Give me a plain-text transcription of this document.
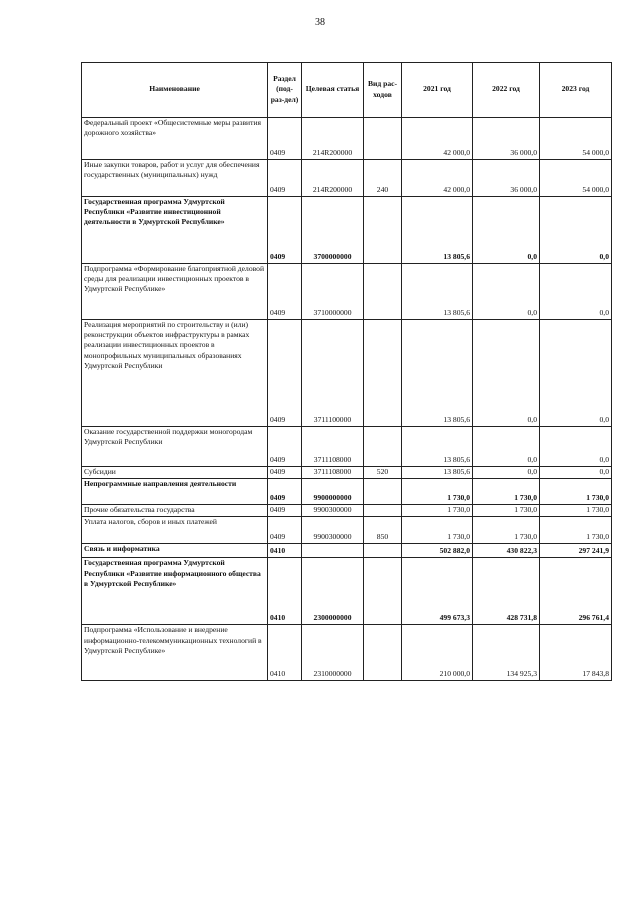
38
Наименование	Раздел (под-раз-дел)	Целевая статья	Вид рас-ходов	2021 год	2022 год	2023 год
Федеральный проект «Общесистемные меры развития дорожного хозяйства»	0409	214R200000		42 000,0	36 000,0	54 000,0
Иные закупки товаров, работ и услуг для обеспечения государственных (муниципальных) нужд	0409	214R200000	240	42 000,0	36 000,0	54 000,0
Государственная программа Удмуртской Республики «Развитие инвестиционной деятельности в Удмуртской Республике»	0409	3700000000		13 805,6	0,0	0,0
Подпрограмма «Формирование благоприятной деловой среды для реализации инвестиционных проектов в Удмуртской Республике»	0409	3710000000		13 805,6	0,0	0,0
Реализация мероприятий по строительству и (или) реконструкции объектов инфраструктуры в рамках реализации инвестиционных проектов в монопрофильных муниципальных образованиях Удмуртской Республики	0409	3711100000		13 805,6	0,0	0,0
Оказание государственной поддержки моногородам Удмуртской Республики	0409	3711108000		13 805,6	0,0	0,0
Субсидии	0409	3711108000	520	13 805,6	0,0	0,0
Непрограммные направления деятельности	0409	9900000000		1 730,0	1 730,0	1 730,0
Прочие обязательства государства	0409	9900300000		1 730,0	1 730,0	1 730,0
Уплата налогов, сборов и иных платежей	0409	9900300000	850	1 730,0	1 730,0	1 730,0
Связь и информатика	0410			502 882,0	430 822,3	297 241,9
Государственная программа Удмуртской Республики «Развитие информационного общества в Удмуртской Республике»	0410	2300000000		499 673,3	428 731,8	296 761,4
Подпрограмма «Использование и внедрение информационно-телекоммуникационных технологий в Удмуртской Республике»	0410	2310000000		210 000,0	134 925,3	17 843,8
